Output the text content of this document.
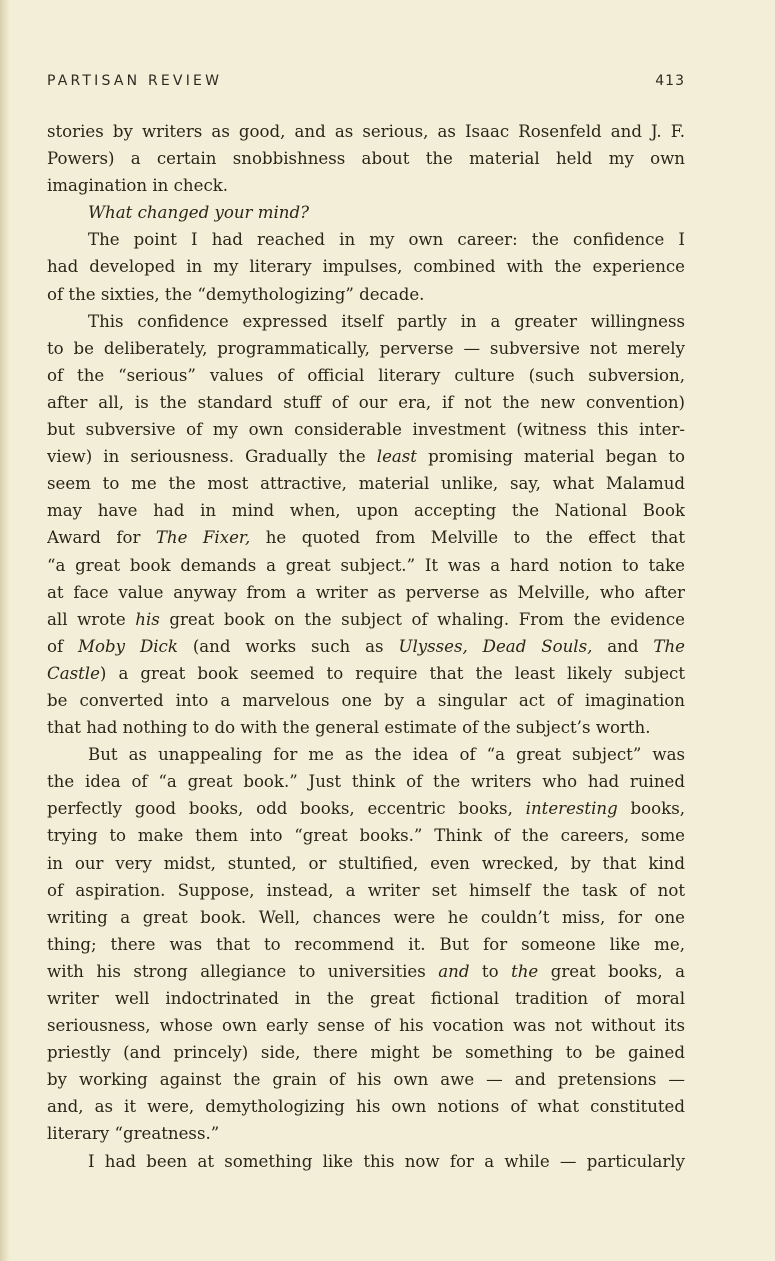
PARTISAN REVIEW	413
stories by writers as good, and as serious, as Isaac Rosenfeld and J. F.
Powers) a certain snobbishness about the material held my own
imagination in check.
What changed your mind?
The point I had reached in my own career: the confidence I
had developed in my literary impulses, combined with the experience
of the sixties, the “demythologizing” decade.
This confidence expressed itself partly in a greater willingness
to be deliberately, programmatically, perverse — subversive not merely
of the “serious” values of official literary culture (such subversion,
after all, is the standard stuff of our era, if not the new convention)
but subversive of my own considerable investment (witness this inter-
view) in seriousness. Gradually the least promising material began to
seem to me the most attractive, material unlike, say, what Malamud
may have had in mind when, upon accepting the National Book
Award for The Fixer, he quoted from Melville to the effect that
“a great book demands a great subject.” It was a hard notion to take
at face value anyway from a writer as perverse as Melville, who after
all wrote his great book on the subject of whaling. From the evidence
of Moby Dick (and works such as Ulysses, Dead Souls, and The
Castle) a great book seemed to require that the least likely subject
be converted into a marvelous one by a singular act of imagination
that had nothing to do with the general estimate of the subject’s worth.
But as unappealing for me as the idea of “a great subject” was
the idea of “a great book.” Just think of the writers who had ruined
perfectly good books, odd books, eccentric books, interesting books,
trying to make them into “great books.” Think of the careers, some
in our very midst, stunted, or stultified, even wrecked, by that kind
of aspiration. Suppose, instead, a writer set himself the task of not
writing a great book. Well, chances were he couldn’t miss, for one
thing; there was that to recommend it. But for someone like me,
with his strong allegiance to universities and to the great books, a
writer well indoctrinated in the great fictional tradition of moral
seriousness, whose own early sense of his vocation was not without its
priestly (and princely) side, there might be something to be gained
by working against the grain of his own awe — and pretensions —
and, as it were, demythologizing his own notions of what constituted
literary “greatness.”
I had been at something like this now for a while — particularly
